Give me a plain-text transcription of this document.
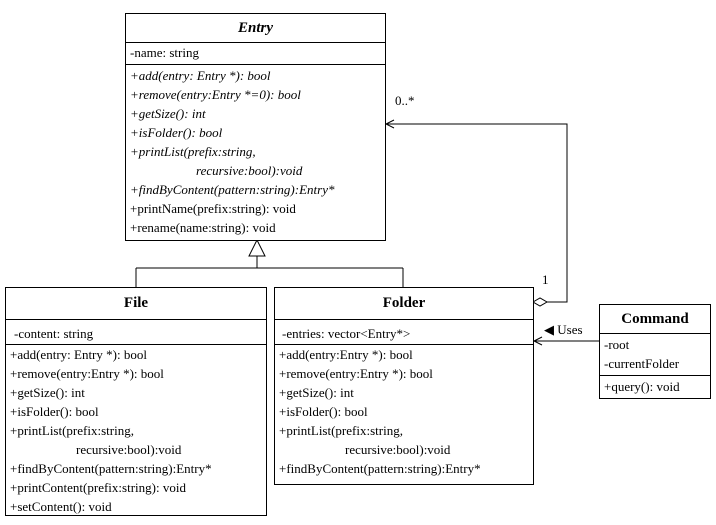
0..*
1
◀ Uses
Entry
-name: string
+add(entry: Entry *): bool
+remove(entry:Entry *=0): bool
+getSize(): int
+isFolder(): bool
+printList(prefix:string,
recursive:bool):void
+findByContent(pattern:string):Entry*
+printName(prefix:string): void
+rename(name:string): void
File
-content: string
+add(entry: Entry *): bool
+remove(entry:Entry *): bool
+getSize(): int
+isFolder(): bool
+printList(prefix:string,
recursive:bool):void
+findByContent(pattern:string):Entry*
+printContent(prefix:string): void
+setContent(): void
Folder
-entries: vector<Entry*>
+add(entry:Entry *): bool
+remove(entry:Entry *): bool
+getSize(): int
+isFolder(): bool
+printList(prefix:string,
recursive:bool):void
+findByContent(pattern:string):Entry*
Command
-root
-currentFolder
+query(): void
